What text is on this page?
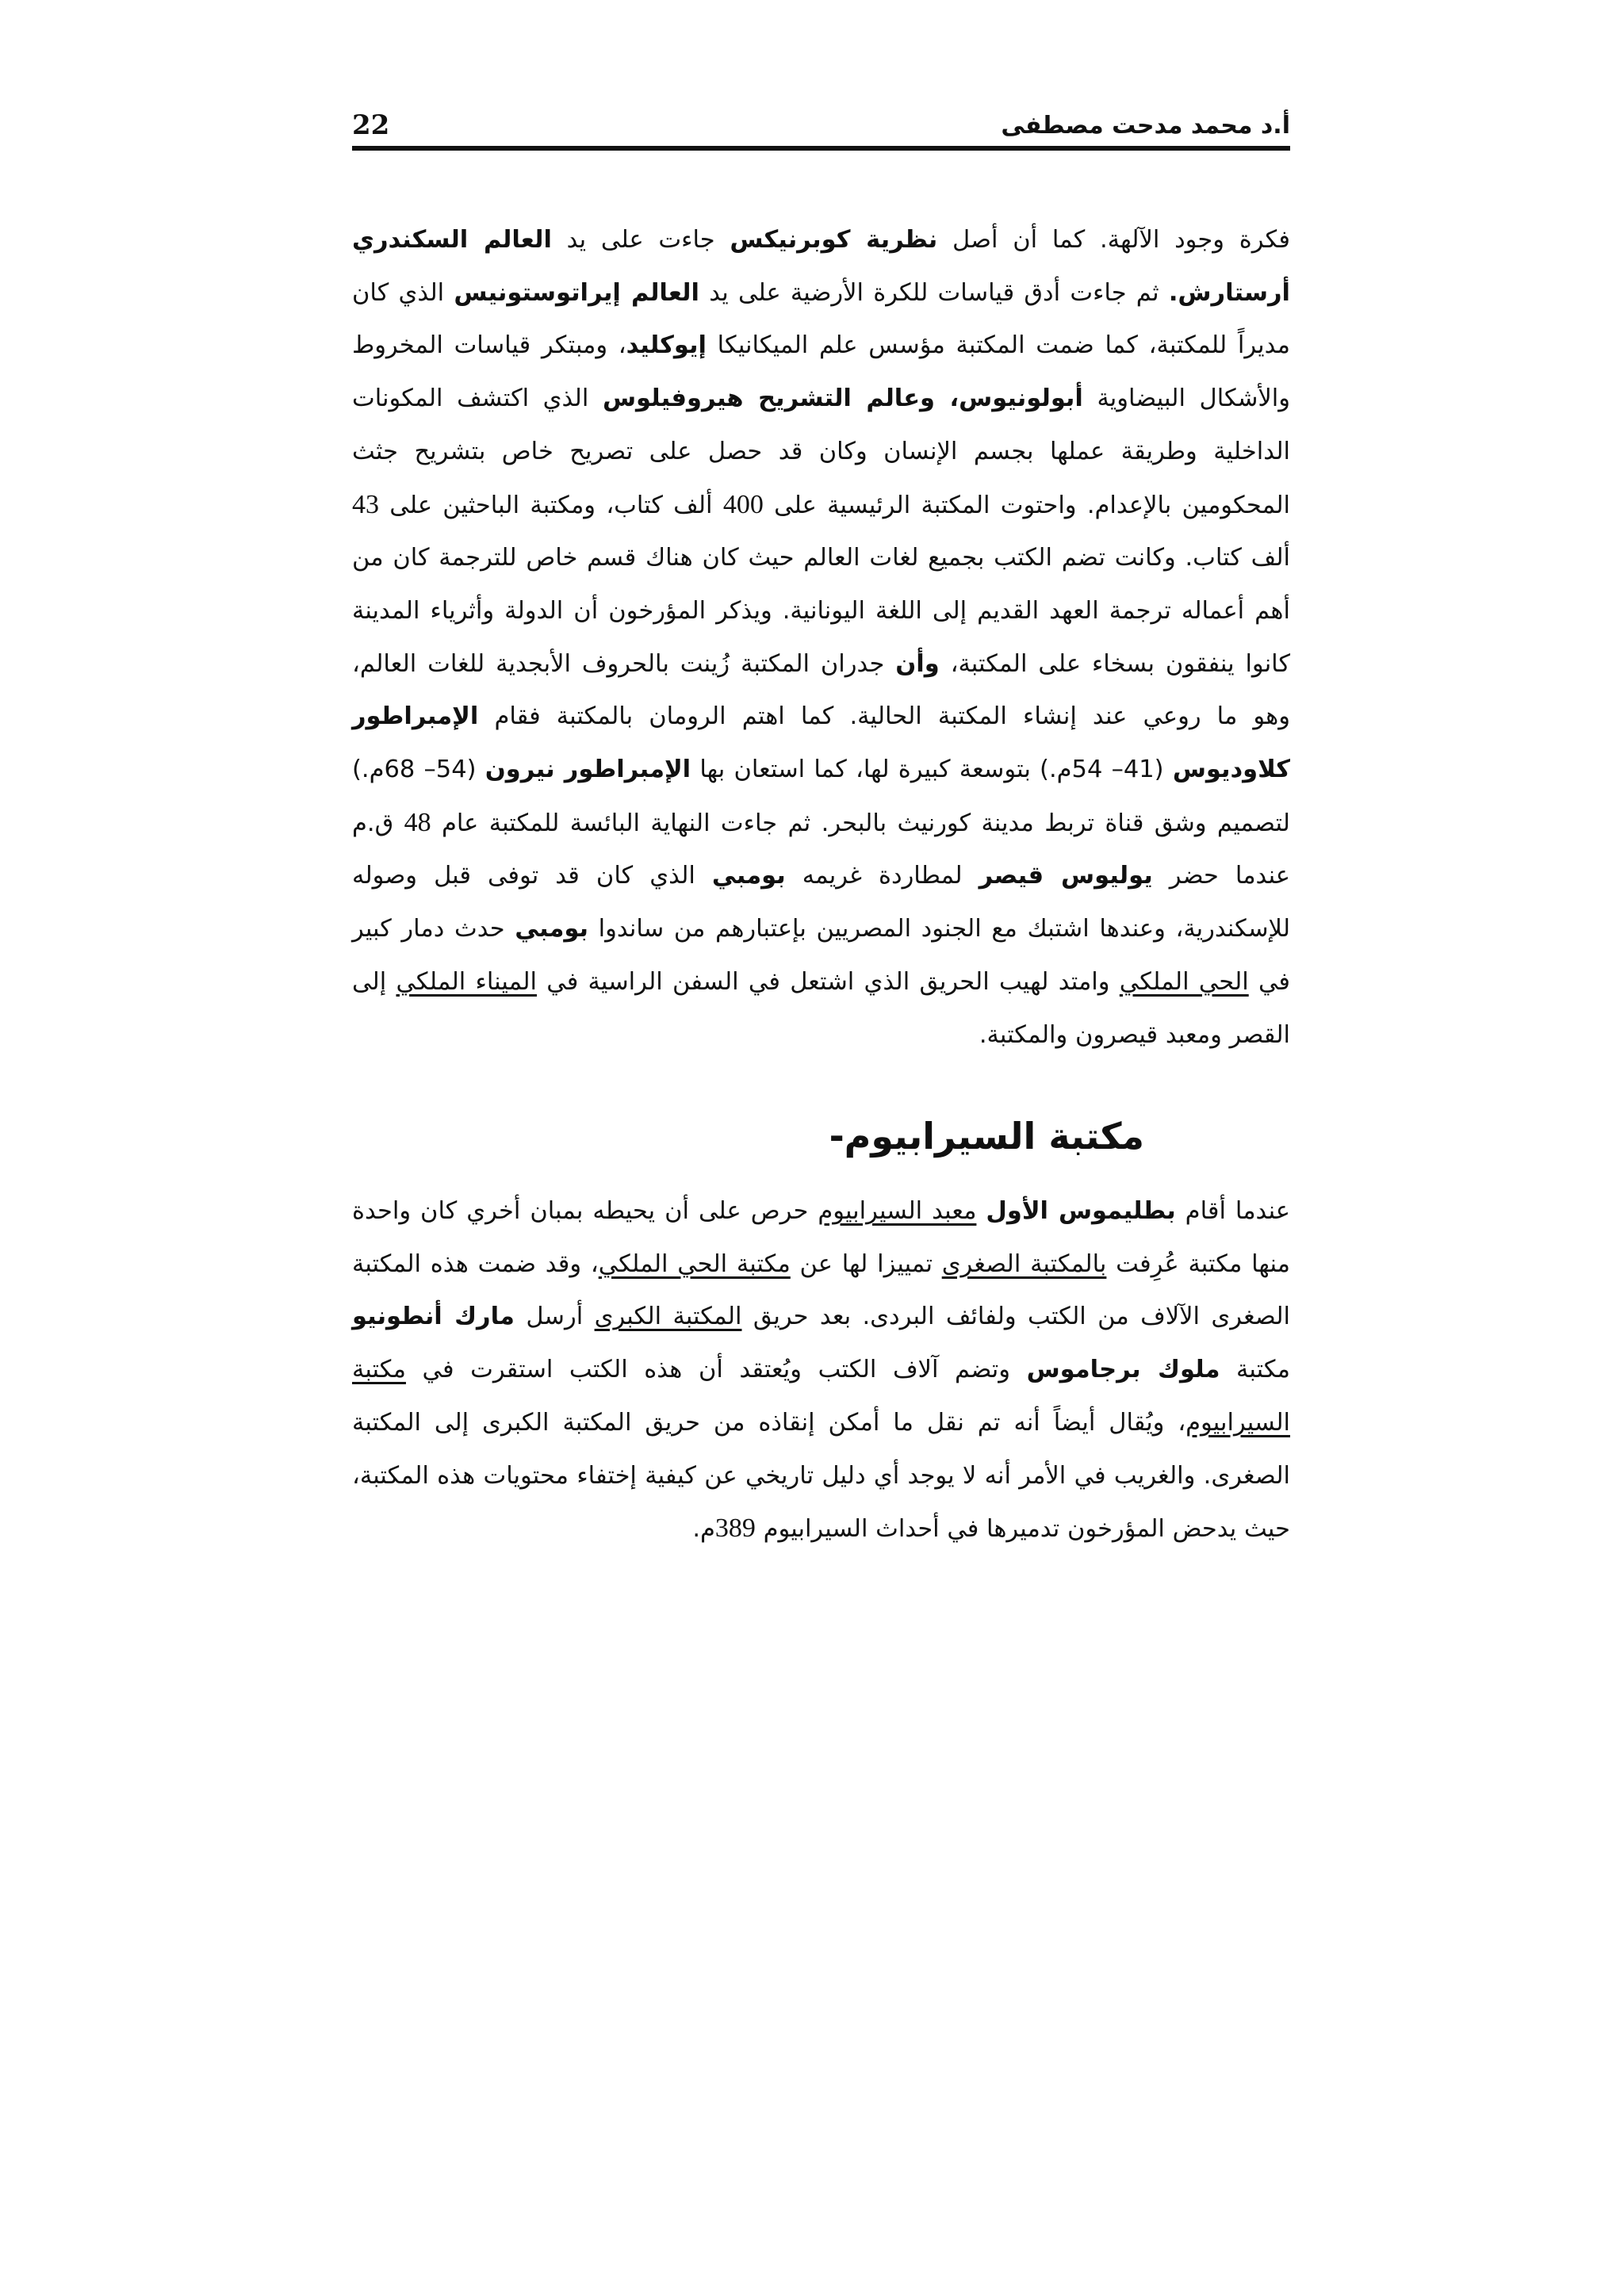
أ.د محمد مدحت مصطفى
22

فكرة وجود الآلهة. كما أن أصل نظرية كوبرنيكس جاءت على يد العالم السكندري أرستارش. ثم جاءت أدق قياسات للكرة الأرضية على يد العالم إيراتوستونيس الذي كان مديراً للمكتبة، كما ضمت المكتبة مؤسس علم الميكانيكا إيوكليد، ومبتكر قياسات المخروط والأشكال البيضاوية أبولونيوس، وعالم التشريح هيروفيلوس الذي اكتشف المكونات الداخلية وطريقة عملها بجسم الإنسان وكان قد حصل على تصريح خاص بتشريح جثث المحكومين بالإعدام. واحتوت المكتبة الرئيسية على 400 ألف كتاب، ومكتبة الباحثين على 43 ألف كتاب. وكانت تضم الكتب بجميع لغات العالم حيث كان هناك قسم خاص للترجمة كان من أهم أعماله ترجمة العهد القديم إلى اللغة اليونانية. ويذكر المؤرخون أن الدولة وأثرياء المدينة كانوا ينفقون بسخاء على المكتبة، وأن جدران المكتبة زُينت بالحروف الأبجدية للغات العالم، وهو ما روعي عند إنشاء المكتبة الحالية. كما اهتم الرومان بالمكتبة فقام الإمبراطور كلاوديوس (41– 54م.) بتوسعة كبيرة لها، كما استعان بها الإمبراطور نيرون (54– 68م.) لتصميم وشق قناة تربط مدينة كورنيث بالبحر. ثم جاءت النهاية البائسة للمكتبة عام 48 ق.م عندما حضر يوليوس قيصر لمطاردة غريمه بومبي الذي كان قد توفى قبل وصوله للإسكندرية، وعندها اشتبك مع الجنود المصريين بإعتبارهم من ساندوا بومبي حدث دمار كبير في الحي الملكي وامتد لهيب الحريق الذي اشتعل في السفن الراسية في الميناء الملكي إلى القصر ومعبد قيصرون والمكتبة.

مكتبة السيرابيوم-

عندما أقام بطليموس الأول معبد السيرابيوم حرص على أن يحيطه بمبان أخري كان واحدة منها مكتبة عُرِفت بالمكتبة الصغرى تمييزا لها عن مكتبة الحي الملكي، وقد ضمت هذه المكتبة الصغرى الآلاف من الكتب ولفائف البردى. بعد حريق المكتبة الكبرى أرسل مارك أنطونيو مكتبة ملوك برجاموس وتضم آلاف الكتب ويُعتقد أن هذه الكتب استقرت في مكتبة السيرابيوم، ويُقال أيضاً أنه تم نقل ما أمكن إنقاذه من حريق المكتبة الكبرى إلى المكتبة الصغرى. والغريب في الأمر أنه لا يوجد أي دليل تاريخي عن كيفية إختفاء محتويات هذه المكتبة، حيث يدحض المؤرخون تدميرها في أحداث السيرابيوم 389م.
